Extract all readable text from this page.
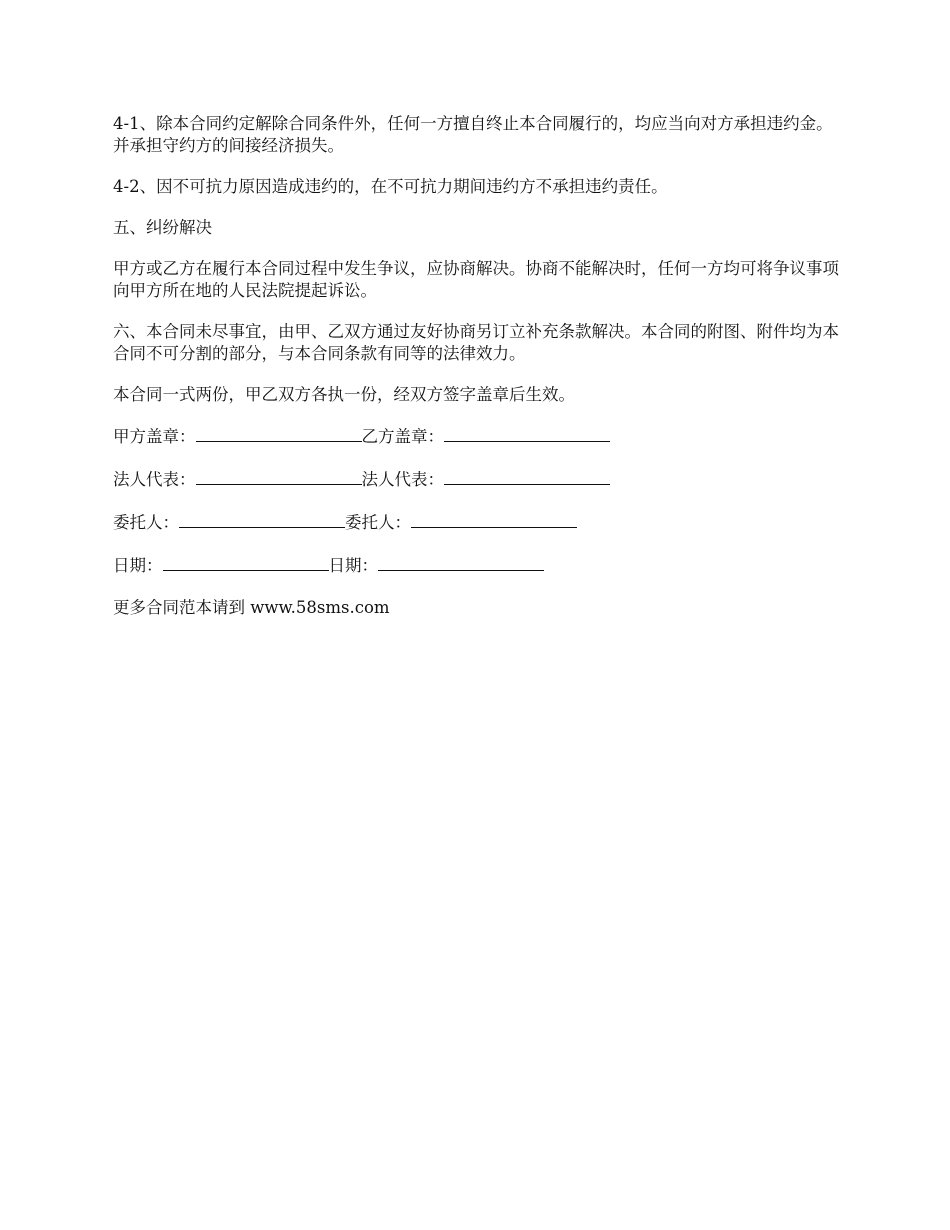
4-1、除本合同约定解除合同条件外，任何一方擅自终止本合同履行的，均应当向对方承担违约金。并承担守约方的间接经济损失。

4-2、因不可抗力原因造成违约的，在不可抗力期间违约方不承担违约责任。

五、纠纷解决

甲方或乙方在履行本合同过程中发生争议，应协商解决。协商不能解决时，任何一方均可将争议事项向甲方所在地的人民法院提起诉讼。

六、本合同未尽事宜，由甲、乙双方通过友好协商另订立补充条款解决。本合同的附图、附件均为本合同不可分割的部分，与本合同条款有同等的法律效力。

本合同一式两份，甲乙双方各执一份，经双方签字盖章后生效。

甲方盖章：	乙方盖章：
法人代表：	法人代表：
委托人：	委托人：
日期：	日期：

更多合同范本请到 www.58sms.com
